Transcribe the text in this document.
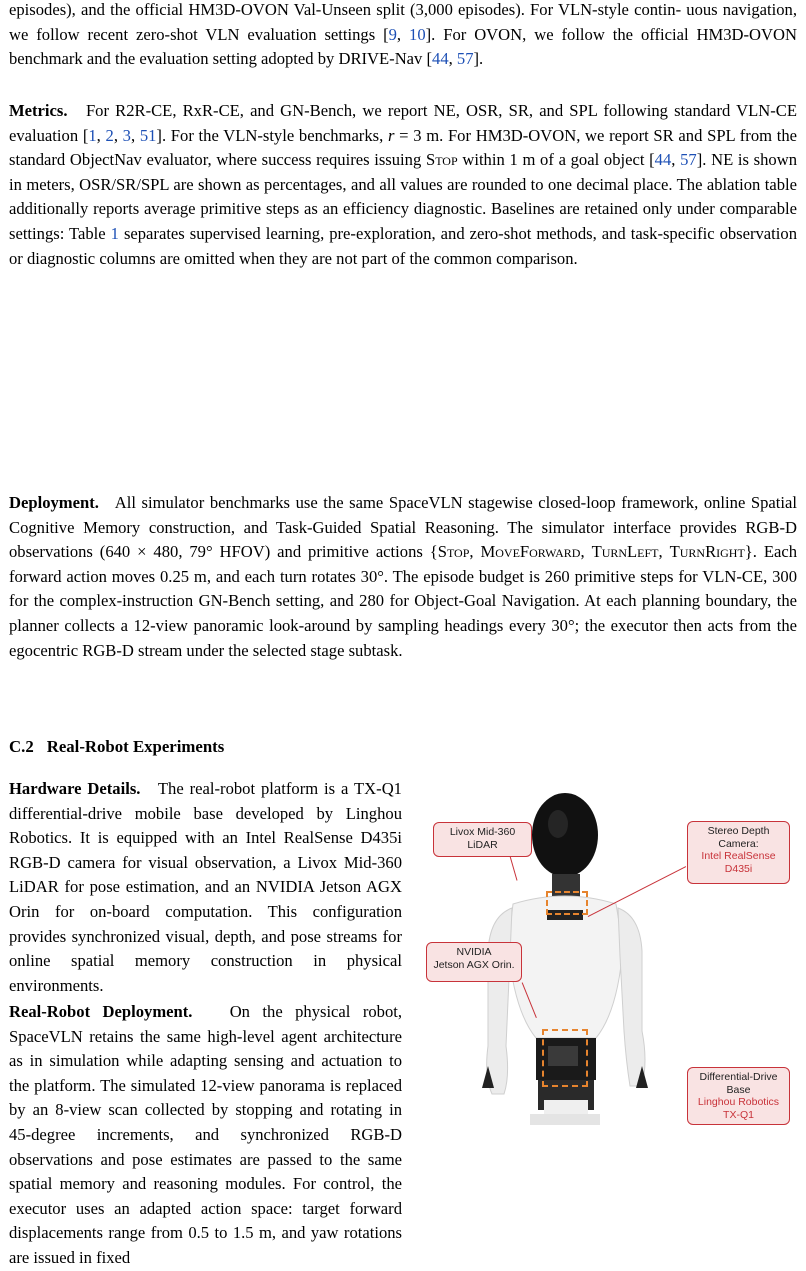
episodes), and the official HM3D-OVON Val-Unseen split (3,000 episodes). For VLN-style contin- uous navigation, we follow recent zero-shot VLN evaluation settings [9, 10]. For OVON, we follow the official HM3D-OVON benchmark and the evaluation setting adopted by DRIVE-Nav [44, 57].

Metrics. For R2R-CE, RxR-CE, and GN-Bench, we report NE, OSR, SR, and SPL following standard VLN-CE evaluation [1, 2, 3, 51]. For the VLN-style benchmarks, r = 3 m. For HM3D-OVON, we report SR and SPL from the standard ObjectNav evaluator, where success requires issuing Stop within 1 m of a goal object [44, 57]. NE is shown in meters, OSR/SR/SPL are shown as percentages, and all values are rounded to one decimal place. The ablation table additionally reports average primitive steps as an efficiency diagnostic. Baselines are retained only under comparable settings: Table 1 separates supervised learning, pre-exploration, and zero-shot methods, and task-specific observation or diagnostic columns are omitted when they are not part of the common comparison.

Deployment. All simulator benchmarks use the same SpaceVLN stagewise closed-loop framework, online Spatial Cognitive Memory construction, and Task-Guided Spatial Reasoning. The simulator interface provides RGB-D observations (640 × 480, 79° HFOV) and primitive actions {Stop, MoveForward, TurnLeft, TurnRight}. Each forward action moves 0.25 m, and each turn rotates 30°. The episode budget is 260 primitive steps for VLN-CE, 300 for the complex-instruction GN-Bench setting, and 280 for Object-Goal Navigation. At each planning boundary, the planner collects a 12-view panoramic look-around by sampling headings every 30°; the executor then acts from the egocentric RGB-D stream under the selected stage subtask.

C.2 Real-Robot Experiments

Hardware Details. The real-robot platform is a TX-Q1 differential-drive mobile base developed by Linghou Robotics. It is equipped with an Intel RealSense D435i RGB-D camera for visual observation, a Livox Mid-360 LiDAR for pose estimation, and an NVIDIA Jetson AGX Orin for on-board computation. This configuration provides synchronized visual, depth, and pose streams for online spatial memory construction in physical environments.

Real-Robot Deployment. On the physical robot, SpaceVLN retains the same high-level agent architecture as in simulation while adapting sensing and actuation to the platform. The simulated 12-view panorama is replaced by an 8-view scan collected by stopping and rotating in 45-degree increments, and synchronized RGB-D observations and pose estimates are passed to the same spatial memory and reasoning modules. For control, the executor uses an adapted action space: target forward displacements range from 0.5 to 1.5 m, and yaw rotations are issued in fixed

Livox Mid-360
LiDAR
Stereo Depth
Camera:
Intel RealSense
D435i
NVIDIA
Jetson AGX Orin.
Differential-Drive
Base
Linghou Robotics
TX-Q1
